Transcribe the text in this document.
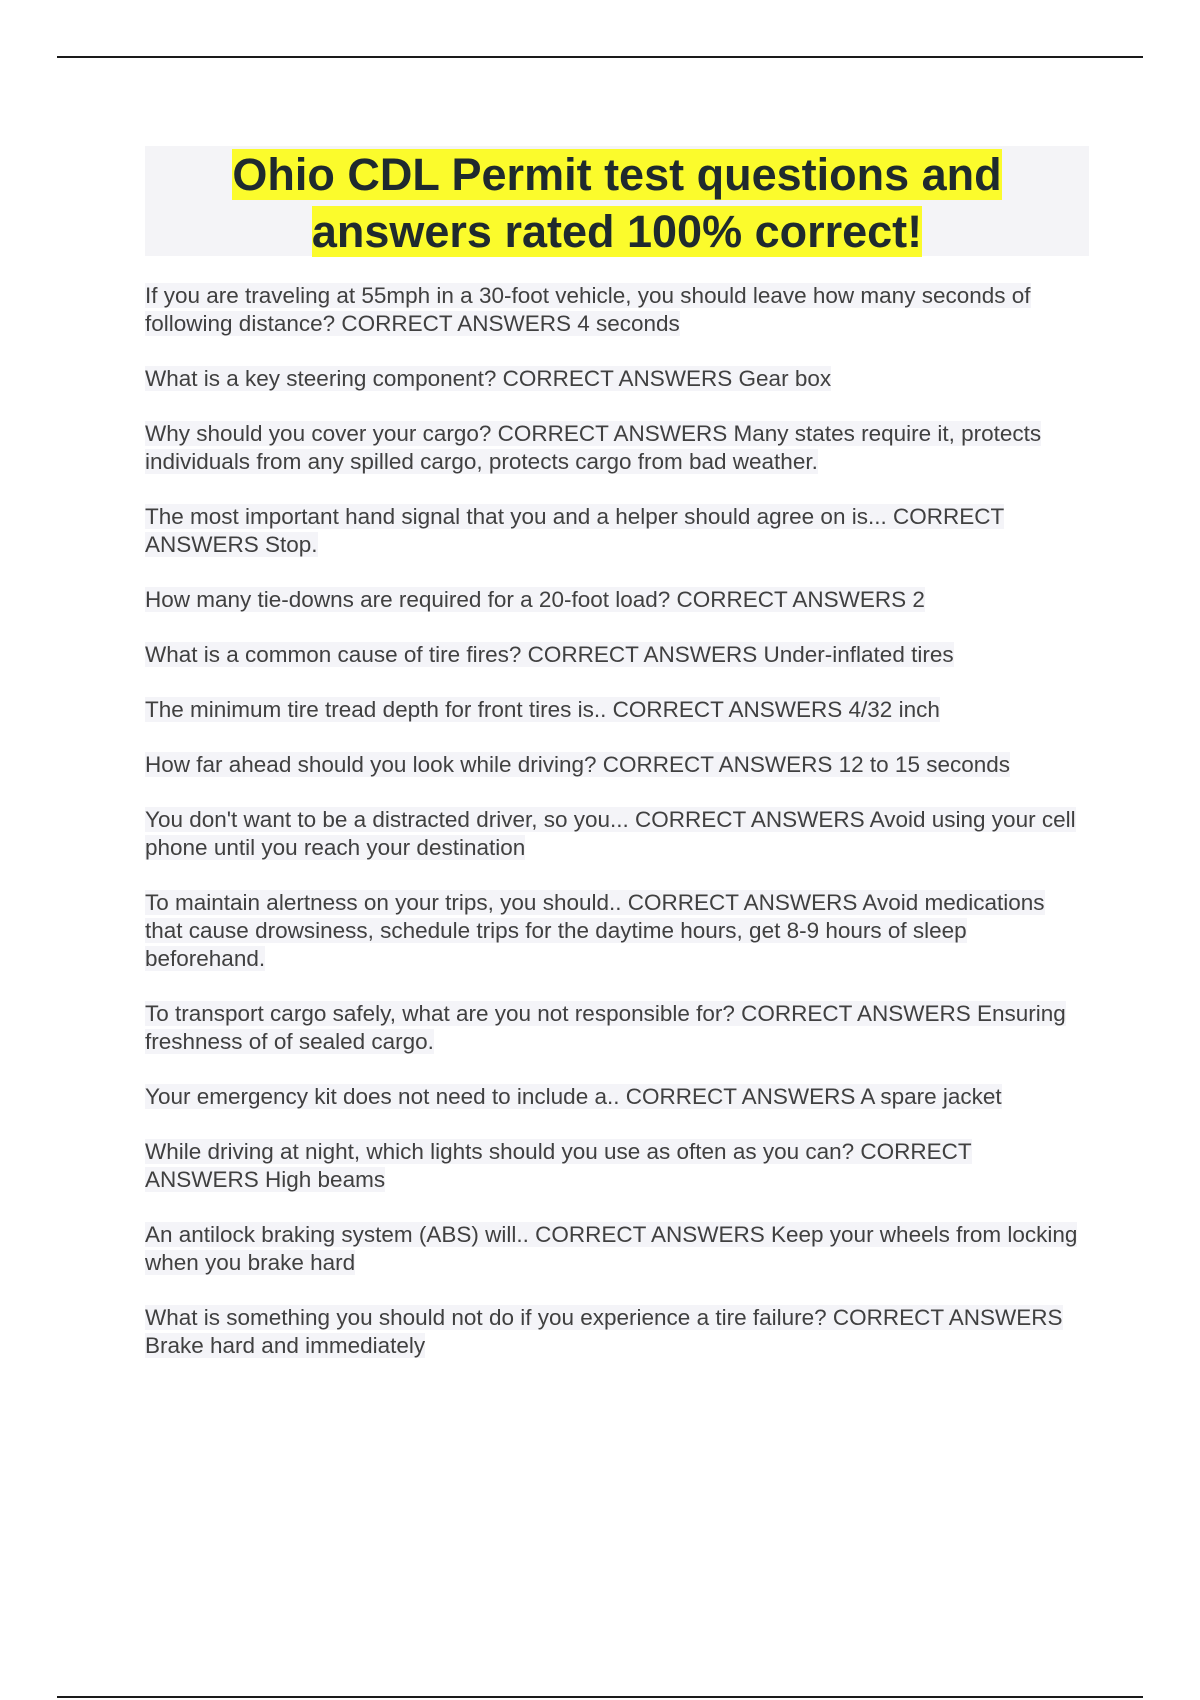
Ohio CDL Permit test questions and answers rated 100% correct!
If you are traveling at 55mph in a 30-foot vehicle, you should leave how many seconds of following distance? CORRECT ANSWERS 4 seconds
What is a key steering component? CORRECT ANSWERS Gear box
Why should you cover your cargo? CORRECT ANSWERS Many states require it, protects individuals from any spilled cargo, protects cargo from bad weather.
The most important hand signal that you and a helper should agree on is... CORRECT ANSWERS Stop.
How many tie-downs are required for a 20-foot load? CORRECT ANSWERS 2
What is a common cause of tire fires? CORRECT ANSWERS Under-inflated tires
The minimum tire tread depth for front tires is.. CORRECT ANSWERS 4/32 inch
How far ahead should you look while driving? CORRECT ANSWERS 12 to 15 seconds
You don't want to be a distracted driver, so you... CORRECT ANSWERS Avoid using your cell phone until you reach your destination
To maintain alertness on your trips, you should.. CORRECT ANSWERS Avoid medications that cause drowsiness, schedule trips for the daytime hours, get 8-9 hours of sleep beforehand.
To transport cargo safely, what are you not responsible for? CORRECT ANSWERS Ensuring freshness of of sealed cargo.
Your emergency kit does not need to include a.. CORRECT ANSWERS A spare jacket
While driving at night, which lights should you use as often as you can? CORRECT ANSWERS High beams
An antilock braking system (ABS) will.. CORRECT ANSWERS Keep your wheels from locking when you brake hard
What is something you should not do if you experience a tire failure? CORRECT ANSWERS Brake hard and immediately
